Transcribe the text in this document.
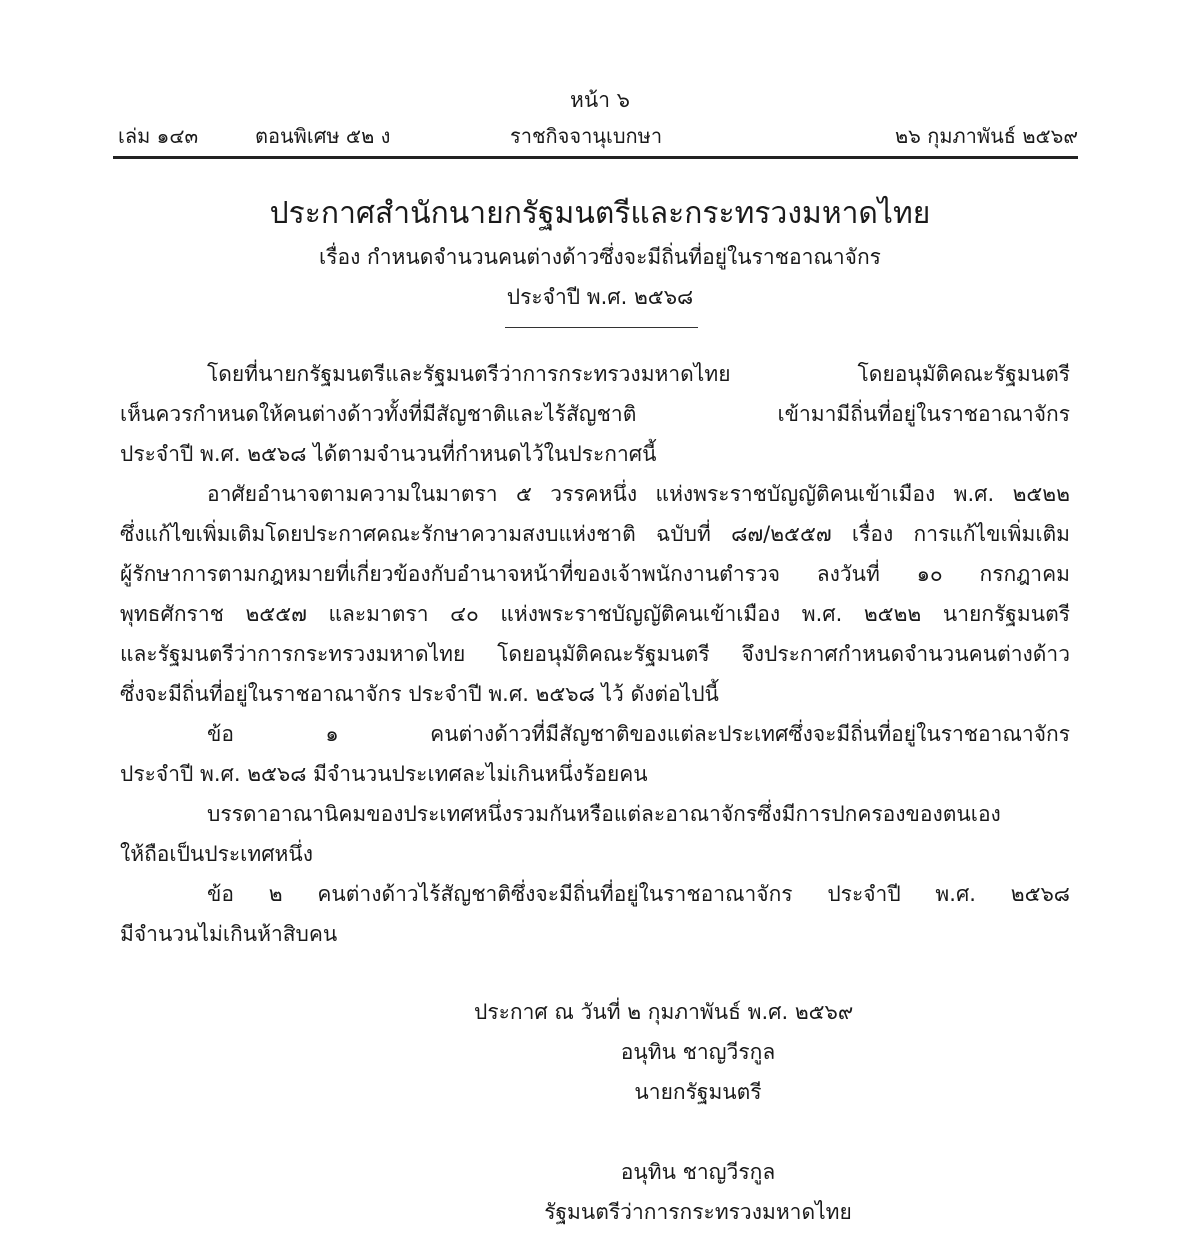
หน้า ๖
เล่ม ๑๔๓	ตอนพิเศษ ๕๒ ง	ราชกิจจานุเบกษา	๒๖ กุมภาพันธ์ ๒๕๖๙
ประกาศสำนักนายกรัฐมนตรีและกระทรวงมหาดไทย
เรื่อง กำหนดจำนวนคนต่างด้าวซึ่งจะมีถิ่นที่อยู่ในราชอาณาจักร
ประจำปี พ.ศ. ๒๕๖๘
โดยที่นายกรัฐมนตรีและรัฐมนตรีว่าการกระทรวงมหาดไทย โดยอนุมัติคณะรัฐมนตรี
เห็นควรกำหนดให้คนต่างด้าวทั้งที่มีสัญชาติและไร้สัญชาติ เข้ามามีถิ่นที่อยู่ในราชอาณาจักร
ประจำปี พ.ศ. ๒๕๖๘ ได้ตามจำนวนที่กำหนดไว้ในประกาศนี้
อาศัยอำนาจตามความในมาตรา ๕ วรรคหนึ่ง แห่งพระราชบัญญัติคนเข้าเมือง พ.ศ. ๒๕๒๒
ซึ่งแก้ไขเพิ่มเติมโดยประกาศคณะรักษาความสงบแห่งชาติ ฉบับที่ ๘๗/๒๕๕๗ เรื่อง การแก้ไขเพิ่มเติม
ผู้รักษาการตามกฎหมายที่เกี่ยวข้องกับอำนาจหน้าที่ของเจ้าพนักงานตำรวจ ลงวันที่ ๑๐ กรกฎาคม
พุทธศักราช ๒๕๕๗ และมาตรา ๔๐ แห่งพระราชบัญญัติคนเข้าเมือง พ.ศ. ๒๕๒๒ นายกรัฐมนตรี
และรัฐมนตรีว่าการกระทรวงมหาดไทย โดยอนุมัติคณะรัฐมนตรี จึงประกาศกำหนดจำนวนคนต่างด้าว
ซึ่งจะมีถิ่นที่อยู่ในราชอาณาจักร ประจำปี พ.ศ. ๒๕๖๘ ไว้ ดังต่อไปนี้
ข้อ ๑ คนต่างด้าวที่มีสัญชาติของแต่ละประเทศซึ่งจะมีถิ่นที่อยู่ในราชอาณาจักร
ประจำปี พ.ศ. ๒๕๖๘ มีจำนวนประเทศละไม่เกินหนึ่งร้อยคน
บรรดาอาณานิคมของประเทศหนึ่งรวมกันหรือแต่ละอาณาจักรซึ่งมีการปกครองของตนเอง
ให้ถือเป็นประเทศหนึ่ง
ข้อ ๒ คนต่างด้าวไร้สัญชาติซึ่งจะมีถิ่นที่อยู่ในราชอาณาจักร ประจำปี พ.ศ. ๒๕๖๘
มีจำนวนไม่เกินห้าสิบคน
ประกาศ ณ วันที่ ๒ กุมภาพันธ์ พ.ศ. ๒๕๖๙
อนุทิน ชาญวีรกูล
นายกรัฐมนตรี
อนุทิน ชาญวีรกูล
รัฐมนตรีว่าการกระทรวงมหาดไทย
